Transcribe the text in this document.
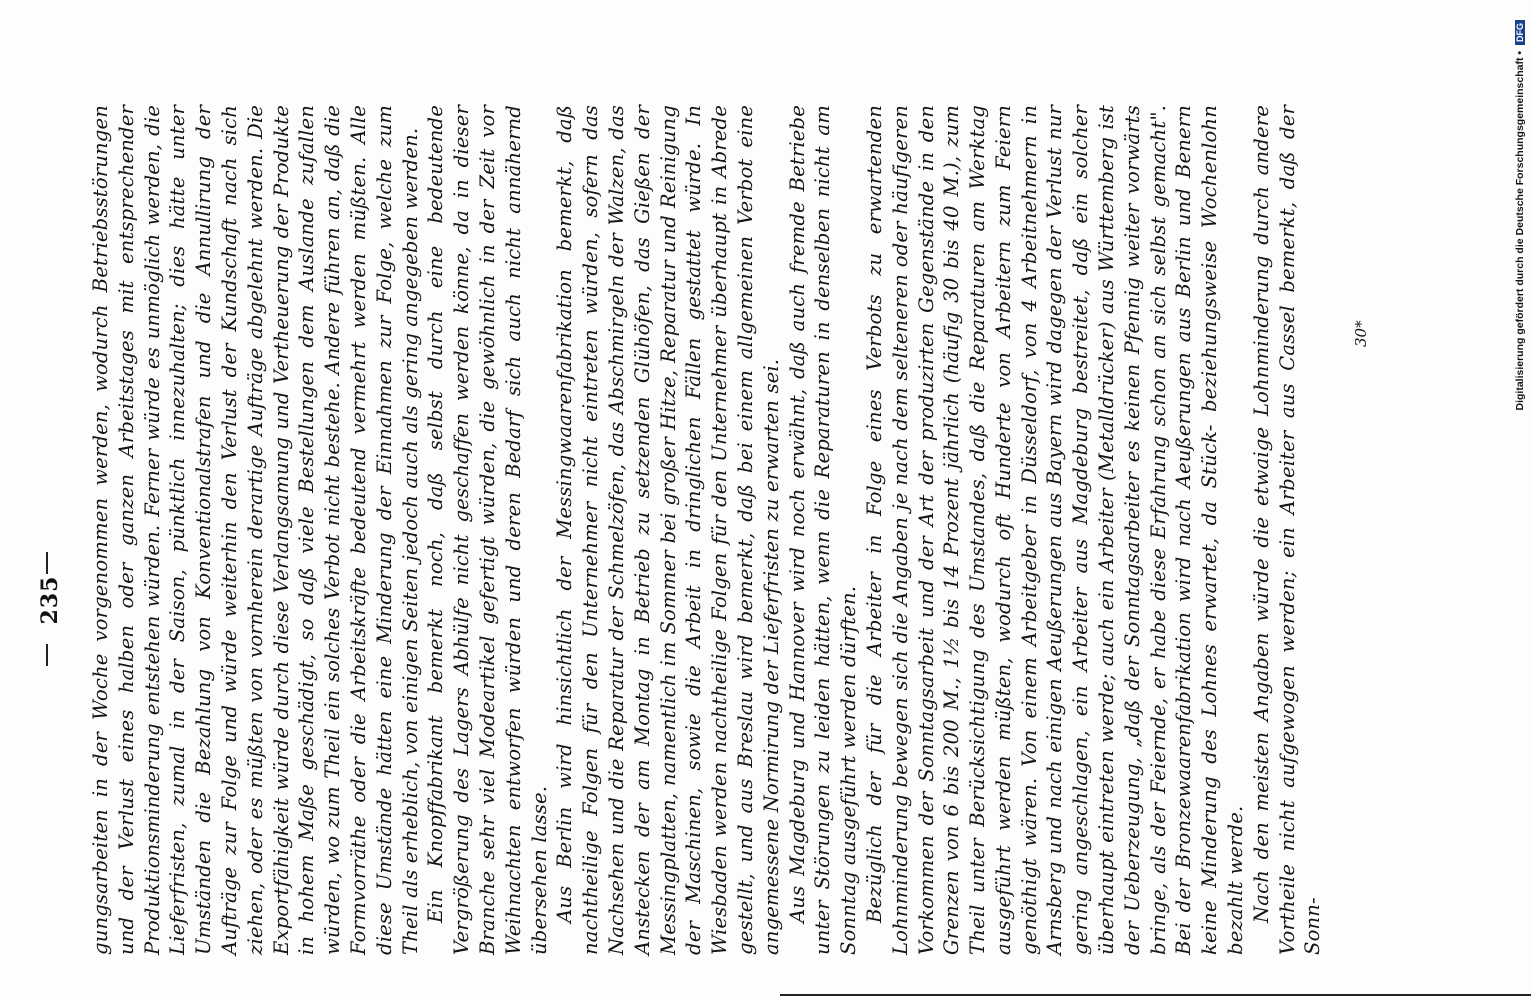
235 gungsarbeiten in der Woche vorgenommen werden, wodurch Betriebsstörungen und der Verlust eines halben oder ganzen Arbeitstages mit entsprechender Produktionsminderung entstehen würden. Ferner würde es unmöglich werden, die Lieferfristen, zumal in der Saison, pünktlich innezuhalten; dies hätte unter Umständen die Bezahlung von Konventionalstrafen und die Annullirung der Aufträge zur Folge und würde weiterhin den Verlust der Kundschaft nach sich ziehen, oder es müßten von vornherein derartige Aufträge abgelehnt werden. Die Exportfähigkeit würde durch diese Verlangsamung und Vertheuerung der Produkte in hohem Maße geschädigt, so daß viele Bestellungen dem Auslande zufallen würden, wo zum Theil ein solches Verbot nicht bestehe. Andere führen an, daß die Formvorräthe oder die Arbeitskräfte bedeutend vermehrt werden müßten. Alle diese Umstände hätten eine Minderung der Einnahmen zur Folge, welche zum Theil als erheblich, von einigen Seiten jedoch auch als gering angegeben werden. Ein Knopffabrikant bemerkt noch, daß selbst durch eine bedeutende Vergrößerung des Lagers Abhülfe nicht geschaffen werden könne, da in dieser Branche sehr viel Modeartikel gefertigt würden, die gewöhnlich in der Zeit vor Weihnachten entworfen würden und deren Bedarf sich auch nicht annähernd übersehen lasse. Aus Berlin wird hinsichtlich der Messingwaarenfabrikation bemerkt, daß nachtheilige Folgen für den Unternehmer nicht eintreten würden, sofern das Nachsehen und die Reparatur der Schmelzöfen, das Abschmirgeln der Walzen, das Anstecken der am Montag in Betrieb zu setzenden Glühöfen, das Gießen der Messingplatten, namentlich im Sommer bei großer Hitze, Reparatur und Reinigung der Maschinen, sowie die Arbeit in dringlichen Fällen gestattet würde. In Wiesbaden werden nachtheilige Folgen für den Unternehmer überhaupt in Abrede gestellt, und aus Breslau wird bemerkt, daß bei einem allgemeinen Verbot eine angemessene Normirung der Lieferfristen zu erwarten sei. Aus Magdeburg und Hannover wird noch erwähnt, daß auch fremde Betriebe unter Störungen zu leiden hätten, wenn die Reparaturen in denselben nicht am Sonntag ausgeführt werden dürften. Bezüglich der für die Arbeiter in Folge eines Verbots zu erwartenden Lohnminderung bewegen sich die Angaben je nach dem selteneren oder häufigeren Vorkommen der Sonntagsarbeit und der Art der produzirten Gegenstände in den Grenzen von 6 bis 200 M., 1½ bis 14 Prozent jährlich (häufig 30 bis 40 M.), zum Theil unter Berücksichtigung des Umstandes, daß die Reparaturen am Werktag ausgeführt werden müßten, wodurch oft Hunderte von Arbeitern zum Feiern genöthigt wären. Von einem Arbeitgeber in Düsseldorf, von 4 Arbeitnehmern in Arnsberg und nach einigen Aeußerungen aus Bayern wird dagegen der Verlust nur gering angeschlagen, ein Arbeiter aus Magdeburg bestreitet, daß ein solcher überhaupt eintreten werde; auch ein Arbeiter (Metalldrücker) aus Württemberg ist der Ueberzeugung, „daß der Sonntagsarbeiter es keinen Pfennig weiter vorwärts bringe, als der Feiernde, er habe diese Erfahrung schon an sich selbst gemacht". Bei der Bronzewaarenfabrikation wird nach Aeußerungen aus Berlin und Benern keine Minderung des Lohnes erwartet, da Stück- beziehungsweise Wochenlohn bezahlt werde. Nach den meisten Angaben würde die etwaige Lohnminderung durch andere Vortheile nicht aufgewogen werden; ein Arbeiter aus Cassel bemerkt, daß der Sonn-

30*	Digitalisierung gefördert durch die Deutsche Forschungsgemeinschaft • DFG
